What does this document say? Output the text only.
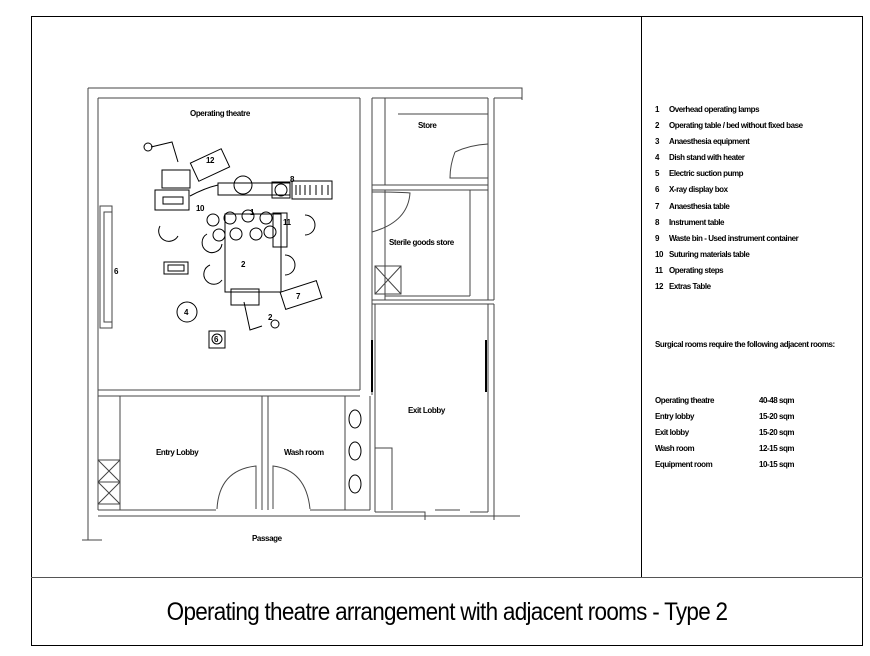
Operating theatre
Store
Sterile goods store
Exit Lobby
Entry Lobby	Wash room
Passage
12
10
8
11
1
2
2
7
4
6
6
1	Overhead operating lamps
2	Operating table / bed without fixed base
3	Anaesthesia equipment
4	Dish stand with heater
5	Electric suction pump
6	X-ray display box
7	Anaesthesia table
8	Instrument table
9	Waste bin - Used instrument container
10 Suturing materials table
11 Operating steps
12 Extras Table
Surgical rooms require the following adjacent rooms:
Operating theatre	40-48 sqm
Entry lobby	15-20 sqm
Exit lobby	15-20 sqm
Wash room	12-15 sqm
Equipment room	10-15 sqm
Operating theatre arrangement with adjacent rooms - Type 2
